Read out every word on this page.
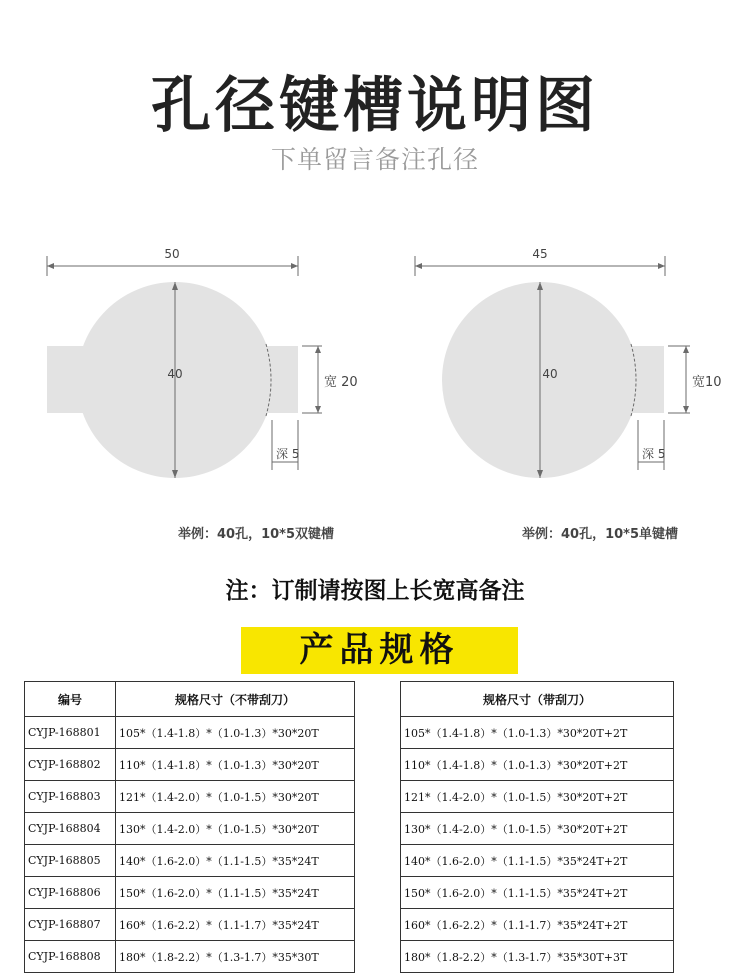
孔径键槽说明图
下单留言备注孔径
50
40
宽 20
深 5
举例：40孔，10*5双键槽
45
40
宽10
深 5
举例：40孔，10*5单键槽
注：订制请按图上长宽高备注
产品规格
编号	规格尺寸（不带刮刀）
CYJP-168801	105*（1.4-1.8）*（1.0-1.3）*30*20T
CYJP-168802	110*（1.4-1.8）*（1.0-1.3）*30*20T
CYJP-168803	121*（1.4-2.0）*（1.0-1.5）*30*20T
CYJP-168804	130*（1.4-2.0）*（1.0-1.5）*30*20T
CYJP-168805	140*（1.6-2.0）*（1.1-1.5）*35*24T
CYJP-168806	150*（1.6-2.0）*（1.1-1.5）*35*24T
CYJP-168807	160*（1.6-2.2）*（1.1-1.7）*35*24T
CYJP-168808	180*（1.8-2.2）*（1.3-1.7）*35*30T
规格尺寸（带刮刀）
105*（1.4-1.8）*（1.0-1.3）*30*20T+2T
110*（1.4-1.8）*（1.0-1.3）*30*20T+2T
121*（1.4-2.0）*（1.0-1.5）*30*20T+2T
130*（1.4-2.0）*（1.0-1.5）*30*20T+2T
140*（1.6-2.0）*（1.1-1.5）*35*24T+2T
150*（1.6-2.0）*（1.1-1.5）*35*24T+2T
160*（1.6-2.2）*（1.1-1.7）*35*24T+2T
180*（1.8-2.2）*（1.3-1.7）*35*30T+3T
